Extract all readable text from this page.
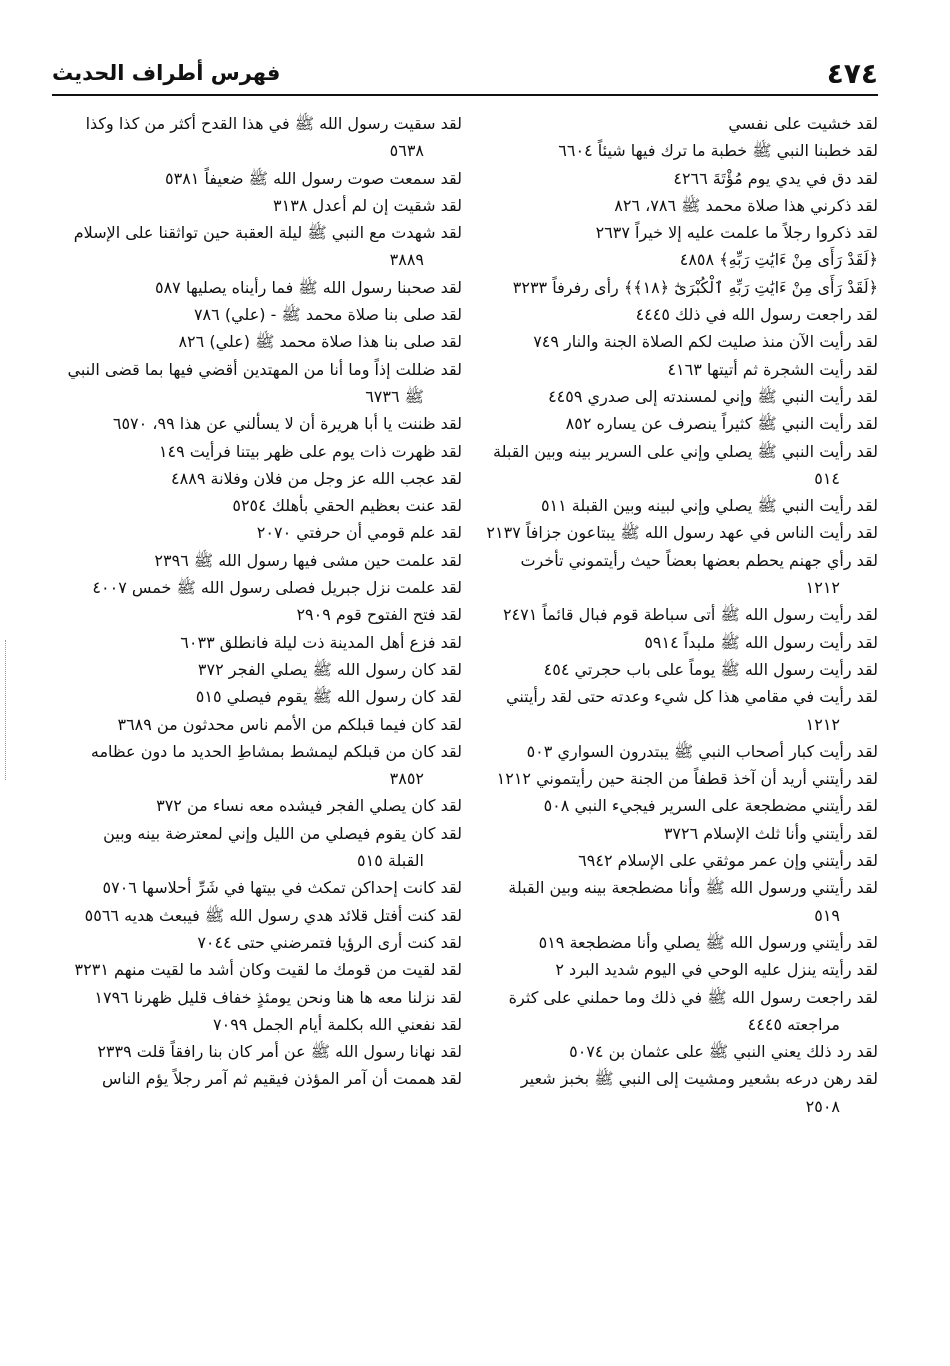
٤٧٤
فهرس أطراف الحديث

لقد خشيت على نفسي

لقد خطبنا النبي ﷺ خطبة ما ترك فيها شيئاً ٦٦٠٤

لقد دق في يدي يوم مُؤْتَةَ ٤٢٦٦

لقد ذكرني هذا صلاة محمد ﷺ ٧٨٦، ٨٢٦

لقد ذكروا رجلاً ما علمت عليه إلا خيراً ٢٦٣٧

﴿لَقَدْ رَأَى مِنْ ءَايَٰتِ رَبِّهِ﴾ ٤٨٥٨

﴿لَقَدْ رَأَى مِنْ ءَايَٰتِ رَبِّهِ ٱلْكُبْرَىٰٓ ﴿١٨﴾﴾ رأى رفرفاً ٣٢٣٣

لقد راجعت رسول الله في ذلك ٤٤٤٥

لقد رأيت الآن منذ صليت لكم الصلاة الجنة والنار ٧٤٩

لقد رأيت الشجرة ثم أتيتها ٤١٦٣

لقد رأيت النبي ﷺ وإني لمسندته إلى صدري ٤٤٥٩

لقد رأيت النبي ﷺ كثيراً ينصرف عن يساره ٨٥٢

لقد رأيت النبي ﷺ يصلي وإني على السرير بينه وبين القبلة ٥١٤

لقد رأيت النبي ﷺ يصلي وإني لبينه وبين القبلة ٥١١

لقد رأيت الناس في عهد رسول الله ﷺ يبتاعون جزافاً ٢١٣٧

لقد رأي جهنم يحطم بعضها بعضاً حيث رأيتموني تأخرت ١٢١٢

لقد رأيت رسول الله ﷺ أتى سباطة قوم فبال قائماً ٢٤٧١

لقد رأيت رسول الله ﷺ ملبداً ٥٩١٤

لقد رأيت رسول الله ﷺ يوماً على باب حجرتي ٤٥٤

لقد رأيت في مقامي هذا كل شيء وعدته حتى لقد رأيتني ١٢١٢

لقد رأيت كبار أصحاب النبي ﷺ يبتدرون السواري ٥٠٣

لقد رأيتني أريد أن آخذ قطفاً من الجنة حين رأيتموني ١٢١٢

لقد رأيتني مضطجعة على السرير فيجيء النبي ٥٠٨

لقد رأيتني وأنا ثلث الإسلام ٣٧٢٦

لقد رأيتني وإن عمر موثقي على الإسلام ٦٩٤٢

لقد رأيتني ورسول الله ﷺ وأنا مضطجعة بينه وبين القبلة ٥١٩

لقد رأيتني ورسول الله ﷺ يصلي وأنا مضطجعة ٥١٩

لقد رأيته ينزل عليه الوحي في اليوم شديد البرد ٢

لقد راجعت رسول الله ﷺ في ذلك وما حملني على كثرة مراجعته ٤٤٤٥

لقد رد ذلك يعني النبي ﷺ على عثمان بن ٥٠٧٤

لقد رهن درعه بشعير ومشيت إلى النبي ﷺ بخبز شعير ٢٥٠٨

لقد سقيت رسول الله ﷺ في هذا القدح أكثر من كذا وكذا ٥٦٣٨

لقد سمعت صوت رسول الله ﷺ ضعيفاً ٥٣٨١

لقد شقيت إن لم أعدل ٣١٣٨

لقد شهدت مع النبي ﷺ ليلة العقبة حين تواثقنا على الإسلام ٣٨٨٩

لقد صحبنا رسول الله ﷺ فما رأيناه يصليها ٥٨٧

لقد صلى بنا صلاة محمد ﷺ - (علي) ٧٨٦

لقد صلى بنا هذا صلاة محمد ﷺ (علي) ٨٢٦

لقد ضللت إذاً وما أنا من المهتدين أقضي فيها بما قضى النبي ﷺ ٦٧٣٦

لقد ظننت يا أبا هريرة أن لا يسألني عن هذا ٩٩، ٦٥٧٠

لقد ظهرت ذات يوم على ظهر بيتنا فرأيت ١٤٩

لقد عجب الله عز وجل من فلان وفلانة ٤٨٨٩

لقد عنت بعظيم الحقي بأهلك ٥٢٥٤

لقد علم قومي أن حرفتي ٢٠٧٠

لقد علمت حين مشى فيها رسول الله ﷺ ٢٣٩٦

لقد علمت نزل جبريل فصلى رسول الله ﷺ خمس ٤٠٠٧

لقد فتح الفتوح قوم ٢٩٠٩

لقد فزع أهل المدينة ذت ليلة فانطلق ٦٠٣٣

لقد كان رسول الله ﷺ يصلي الفجر ٣٧٢

لقد كان رسول الله ﷺ يقوم فيصلي ٥١٥

لقد كان فيما قبلكم من الأمم ناس محدثون من ٣٦٨٩

لقد كان من قبلكم ليمشط بمشاطِ الحديد ما دون عظامه ٣٨٥٢

لقد كان يصلي الفجر فيشده معه نساء من ٣٧٢

لقد كان يقوم فيصلي من الليل وإني لمعترضة بينه وبين القبلة ٥١٥

لقد كانت إحداكن تمكث في بيتها في شَرِّ أحلاسها ٥٧٠٦

لقد كنت أفتل قلائد هدي رسول الله ﷺ فيبعث هديه ٥٥٦٦

لقد كنت أرى الرؤيا فتمرضني حتى ٧٠٤٤

لقد لقيت من قومك ما لقيت وكان أشد ما لقيت منهم ٣٢٣١

لقد نزلنا معه ها هنا ونحن يومئذٍ خفاف قليل ظهرنا ١٧٩٦

لقد نفعني الله بكلمة أيام الجمل ٧٠٩٩

لقد نهانا رسول الله ﷺ عن أمر كان بنا رافقاً قلت ٢٣٣٩

لقد هممت أن آمر المؤذن فيقيم ثم آمر رجلاً يؤم الناس
